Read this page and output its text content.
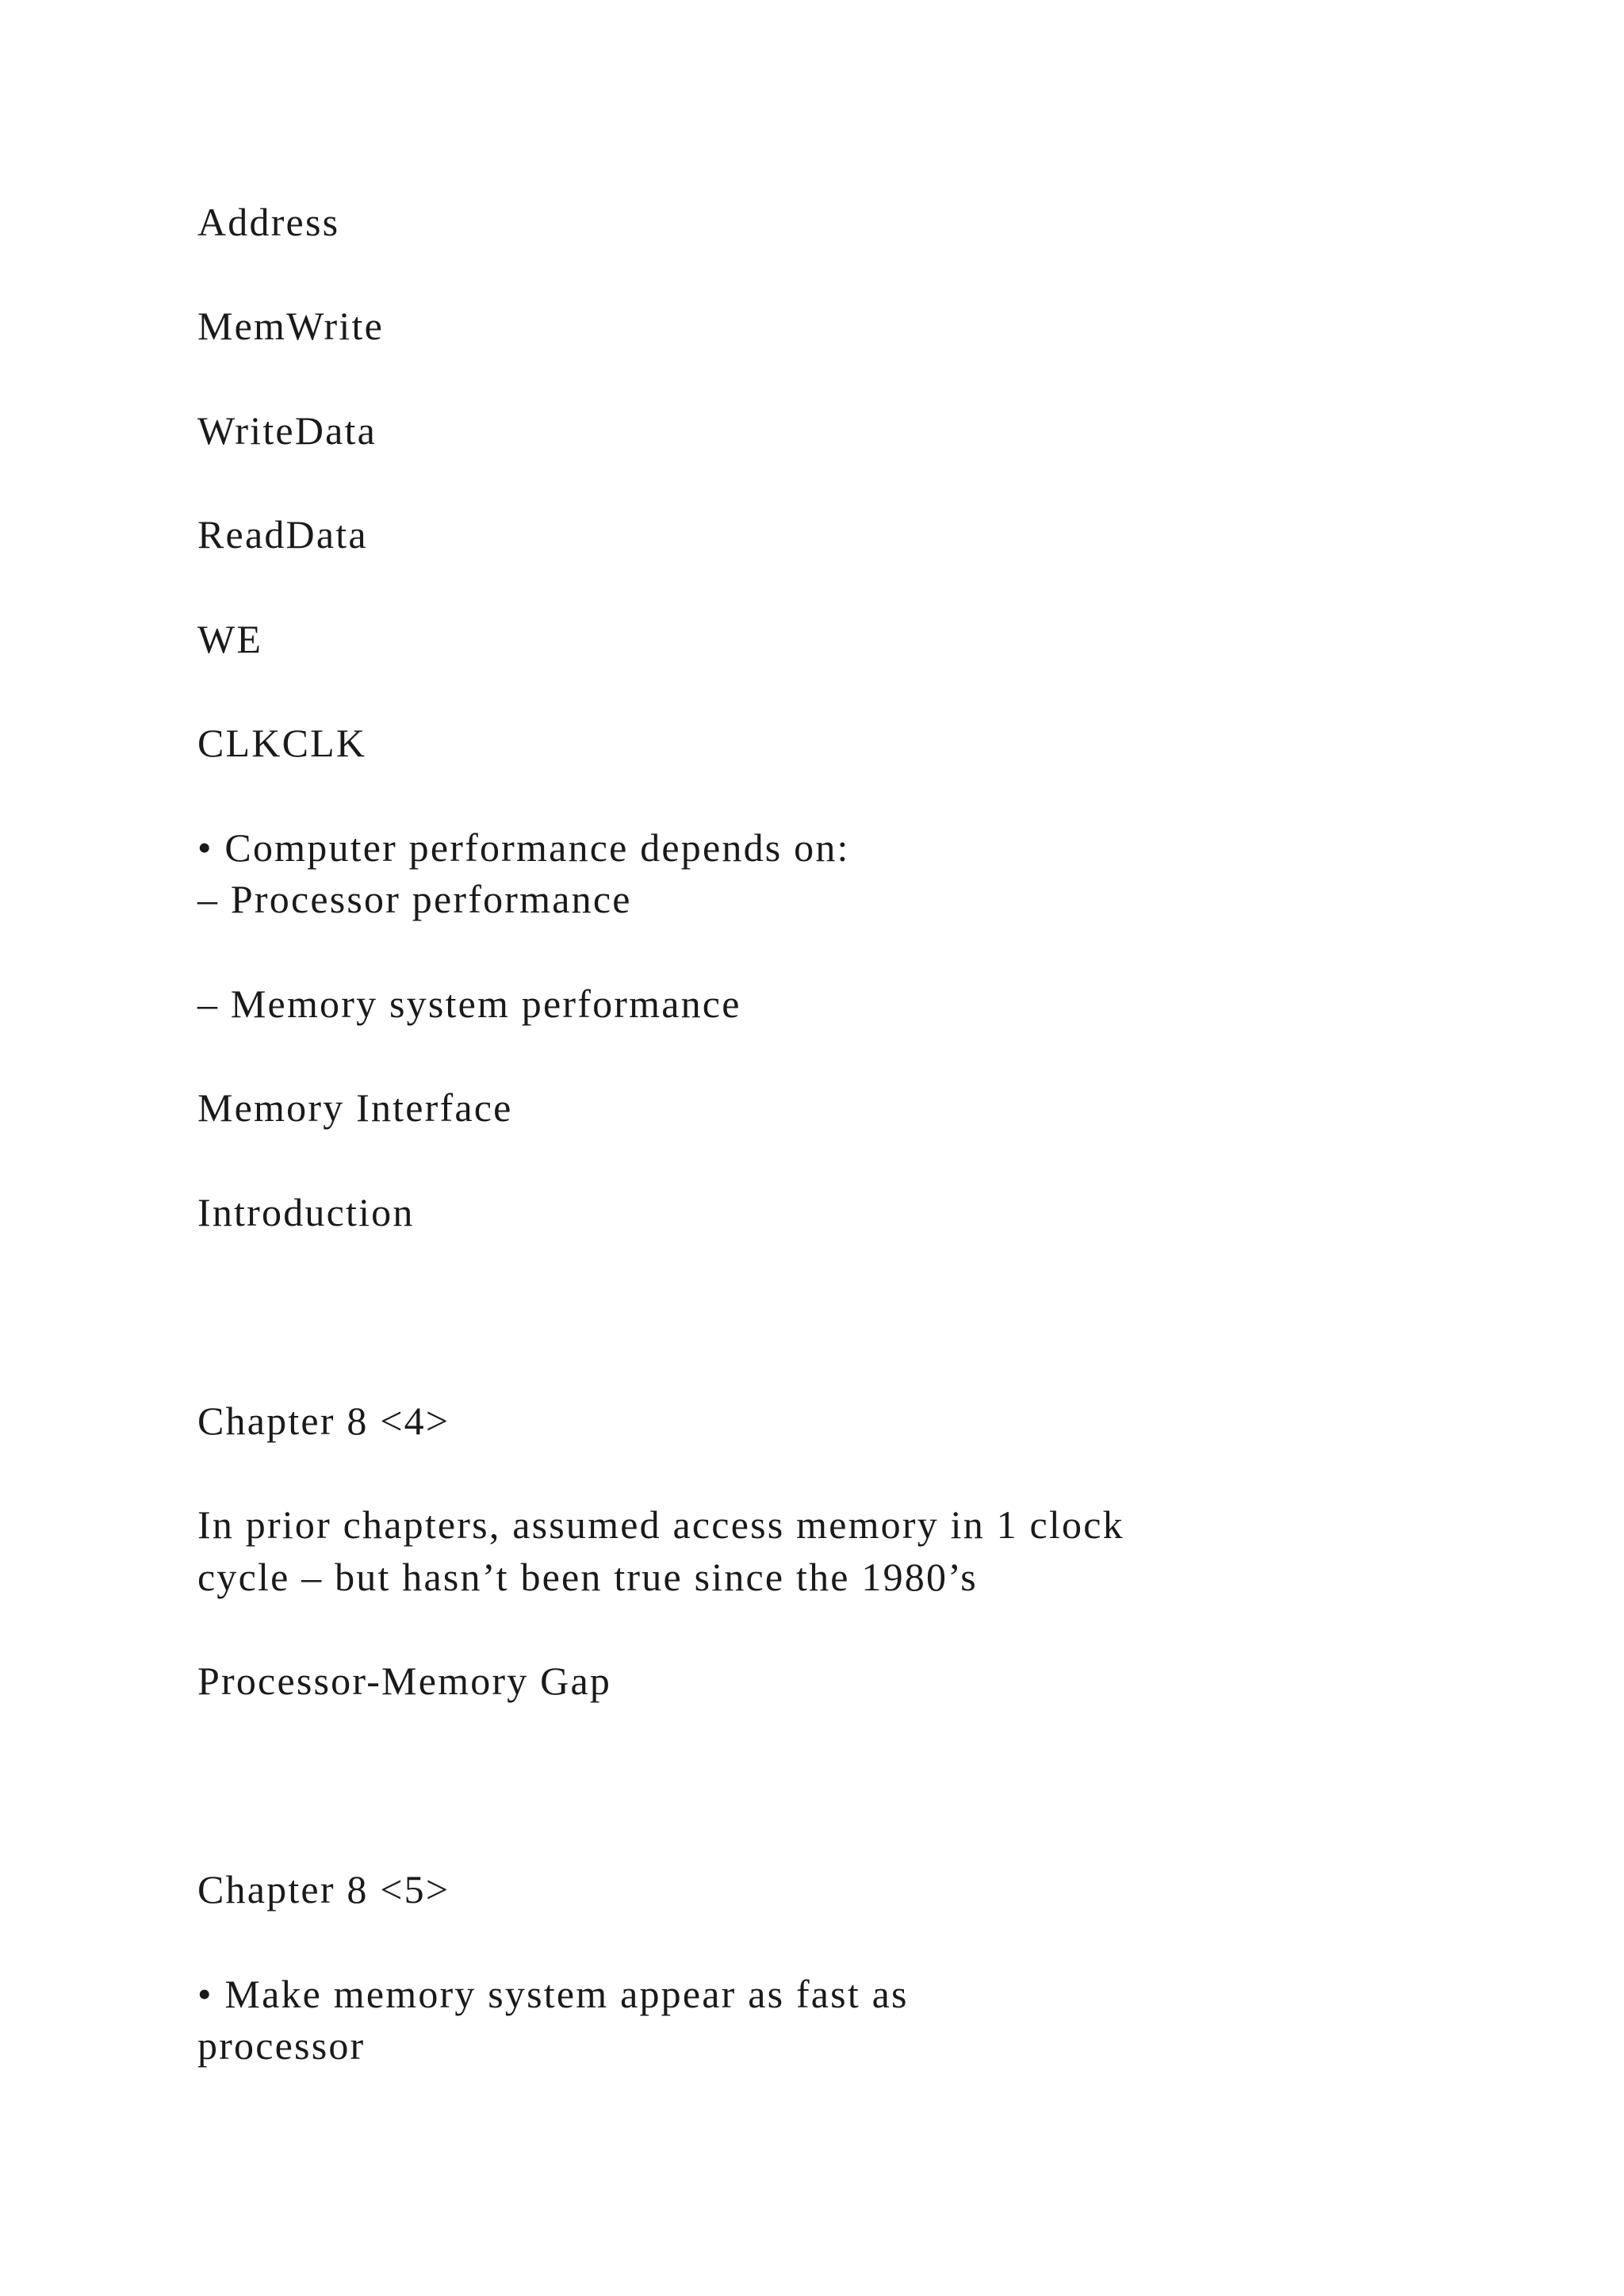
Address

MemWrite

WriteData

ReadData

WE

CLKCLK

• Computer performance depends on:

– Processor performance

– Memory system performance

Memory Interface

Introduction

Chapter 8 <4>

In prior chapters, assumed access memory in 1 clock

cycle – but hasn’t been true since the 1980’s

Processor-Memory Gap

Chapter 8 <5>

• Make memory system appear as fast as

processor
